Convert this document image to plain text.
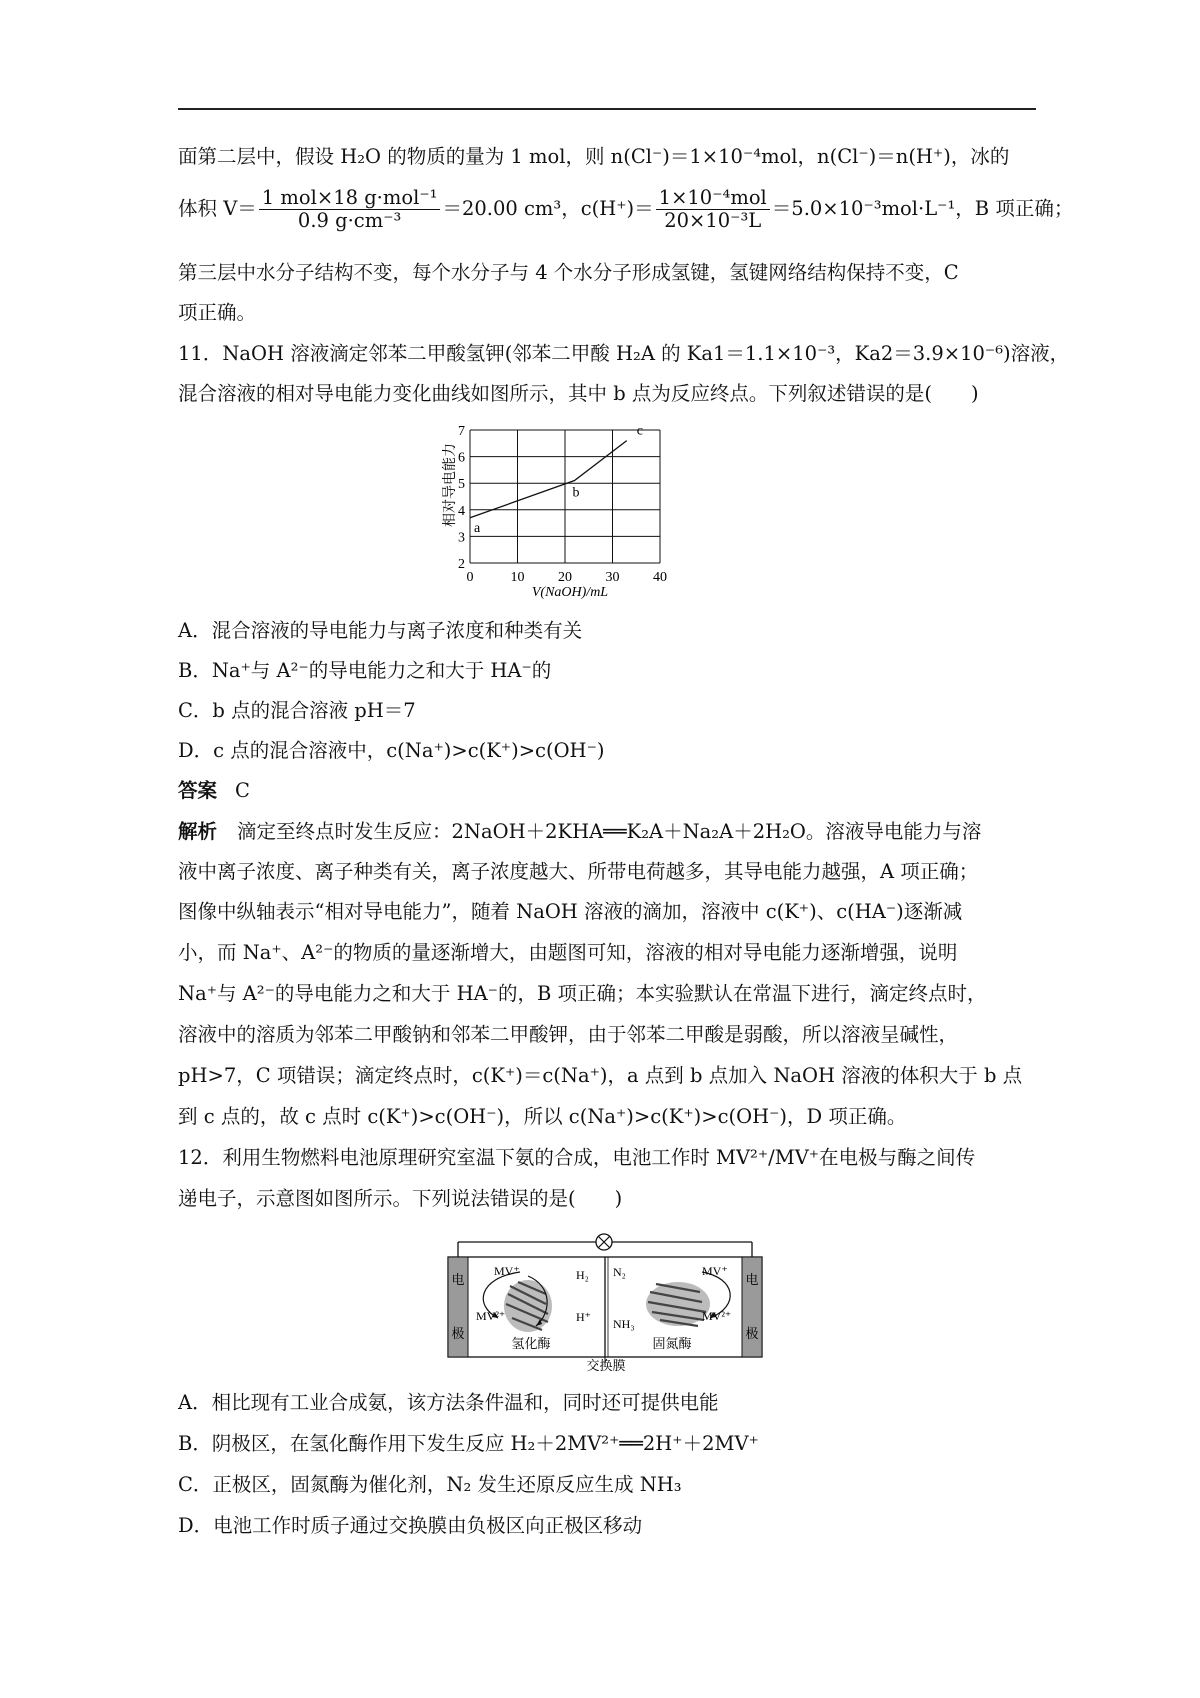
面第二层中，假设 H₂O 的物质的量为 1 mol，则 n(Cl⁻)＝1×10⁻⁴mol，n(Cl⁻)＝n(H⁺)，冰的
体积 $V= \frac{\text{1 mol×18 g·mol⁻¹}}{\text{0.9 g·cm⁻³}} =20.00$ cm³，$c(H^+)= \frac{\text{1×10⁻⁴mol}}{\text{20×10⁻³L}} =5.0\times 10^{-3}mol\cdot L^{-1}$，B 项正确；
第三层中水分子结构不变，每个水分子与 4 个水分子形成氢键，氢键网络结构保持不变，C
项正确。
11．NaOH 溶液滴定邻苯二甲酸氢钾(邻苯二甲酸 H₂A 的 Ka1＝1.1×10⁻³，Ka2＝3.9×10⁻⁶)溶液，
混合溶液的相对导电能力变化曲线如图所示，其中 b 点为反应终点。下列叙述错误的是(　　)
0	10 20 30 40
2
3
4
5
6
7
a
b
c
V(NaOH)/mL
相对导电能力
A．混合溶液的导电能力与离子浓度和种类有关
B．Na⁺与 A²⁻的导电能力之和大于 HA⁻的
C．b 点的混合溶液 pH＝7
D．c 点的混合溶液中，c(Na⁺)>c(K⁺)>c(OH⁻)
答案 C
解析 滴定至终点时发生反应：2NaOH＋2KHA══K₂A＋Na₂A＋2H₂O。溶液导电能力与溶
液中离子浓度、离子种类有关，离子浓度越大、所带电荷越多，其导电能力越强，A 项正确；
图像中纵轴表示“相对导电能力”，随着 NaOH 溶液的滴加，溶液中 c(K⁺)、c(HA⁻)逐渐减
小，而 Na⁺、A²⁻的物质的量逐渐增大，由题图可知，溶液的相对导电能力逐渐增强，说明
Na⁺与 A²⁻的导电能力之和大于 HA⁻的，B 项正确；本实验默认在常温下进行，滴定终点时，
溶液中的溶质为邻苯二甲酸钠和邻苯二甲酸钾，由于邻苯二甲酸是弱酸，所以溶液呈碱性，
pH>7，C 项错误；滴定终点时，c(K⁺)＝c(Na⁺)，a 点到 b 点加入 NaOH 溶液的体积大于 b 点
到 c 点的，故 c 点时 c(K⁺)>c(OH⁻)，所以 c(Na⁺)>c(K⁺)>c(OH⁻)，D 项正确。
12．利用生物燃料电池原理研究室温下氨的合成，电池工作时 MV²⁺/MV⁺在电极与酶之间传
递电子，示意图如图所示。下列说法错误的是(　　)
电
极
电
极
交换膜
MV⁺
MV²⁺
H₂
H⁺
氢化酶
N₂
NH₃
MV⁺
MV²⁺
固氮酶
A．相比现有工业合成氨，该方法条件温和，同时还可提供电能
B．阴极区，在氢化酶作用下发生反应 H₂＋2MV²⁺══2H⁺＋2MV⁺
C．正极区，固氮酶为催化剂，N₂ 发生还原反应生成 NH₃
D．电池工作时质子通过交换膜由负极区向正极区移动
